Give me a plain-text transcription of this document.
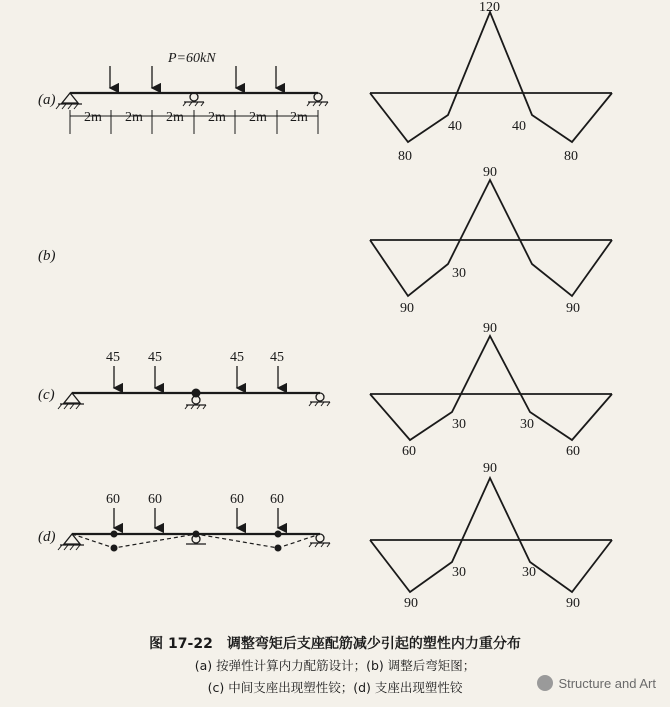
(a)
P=60kN
2m 2m 2m 2m 2m 2m
120
40	40
80	80
(b)
90
30
90	90
(c)
45 45	45 45
90
30	30
60	60
(d)
60 60	60 60
90
30	30
90	90
图 17-22　调整弯矩后支座配筋减少引起的塑性内力重分布
(a) 按弹性计算内力配筋设计；(b) 调整后弯矩图；
(c) 中间支座出现塑性铰；(d) 支座出现塑性铰	Structure and Art
